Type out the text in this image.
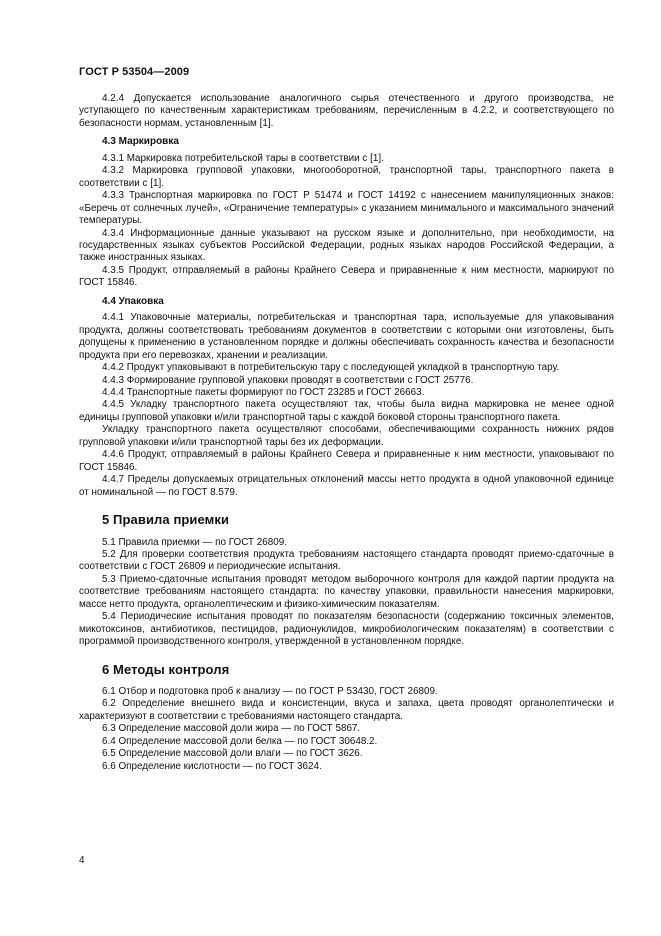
ГОСТ Р 53504—2009

4.2.4 Допускается использование аналогичного сырья отечественного и другого производства, не уступающего по качественным характеристикам требованиям, перечисленным в 4.2.2, и соответствующего по безопасности нормам, установленным [1].

4.3 Маркировка

4.3.1 Маркировка потребительской тары в соответствии с [1].

4.3.2 Маркировка групповой упаковки, многооборотной, транспортной тары, транспортного пакета в соответствии с [1].

4.3.3 Транспортная маркировка по ГОСТ Р 51474 и ГОСТ 14192 с нанесением манипуляционных знаков: «Беречь от солнечных лучей», «Ограничение температуры» с указанием минимального и максимального значений температуры.

4.3.4 Информационные данные указывают на русском языке и дополнительно, при необходимости, на государственных языках субъектов Российской Федерации, родных языках народов Российской Федерации, а также иностранных языках.

4.3.5 Продукт, отправляемый в районы Крайнего Севера и приравненные к ним местности, маркируют по ГОСТ 15846.

4.4 Упаковка

4.4.1 Упаковочные материалы, потребительская и транспортная тара, используемые для упаковывания продукта, должны соответствовать требованиям документов в соответствии с которыми они изготовлены, быть допущены к применению в установленном порядке и должны обеспечивать сохранность качества и безопасности продукта при его перевозках, хранении и реализации.

4.4.2 Продукт упаковывают в потребительскую тару с последующей укладкой в транспортную тару.

4.4.3 Формирование групповой упаковки проводят в соответствии с ГОСТ 25776.

4.4.4 Транспортные пакеты формируют по ГОСТ 23285 и ГОСТ 26663.

4.4.5 Укладку транспортного пакета осуществляют так, чтобы была видна маркировка не менее одной единицы групповой упаковки и/или транспортной тары с каждой боковой стороны транспортного пакета.

Укладку транспортного пакета осуществляют способами, обеспечивающими сохранность нижних рядов групповой упаковки и/или транспортной тары без их деформации.

4.4.6 Продукт, отправляемый в районы Крайнего Севера и приравненные к ним местности, упаковывают по ГОСТ 15846.

4.4.7 Пределы допускаемых отрицательных отклонений массы нетто продукта в одной упаковочной единице от номинальной — по ГОСТ 8.579.

5 Правила приемки

5.1 Правила приемки — по ГОСТ 26809.

5.2 Для проверки соответствия продукта требованиям настоящего стандарта проводят приемо-сдаточные в соответствии с ГОСТ 26809 и периодические испытания.

5.3 Приемо-сдаточные испытания проводят методом выборочного контроля для каждой партии продукта на соответствие требованиям настоящего стандарта: по качеству упаковки, правильности нанесения маркировки, массе нетто продукта, органолептическим и физико-химическим показателям.

5.4 Периодические испытания проводят по показателям безопасности (содержанию токсичных элементов, микотоксинов, антибиотиков, пестицидов, радионуклидов, микробиологическим показателям) в соответствии с программой производственного контроля, утвержденной в установленном порядке.

6 Методы контроля

6.1 Отбор и подготовка проб к анализу — по ГОСТ Р 53430, ГОСТ 26809.

6.2 Определение внешнего вида и консистенции, вкуса и запаха, цвета проводят органолептически и характеризуют в соответствии с требованиями настоящего стандарта.

6.3 Определение массовой доли жира — по ГОСТ 5867.

6.4 Определение массовой доли белка — по ГОСТ 30648.2.

6.5 Определение массовой доли влаги — по ГОСТ 3626.

6.6 Определение кислотности — по ГОСТ 3624.

4
